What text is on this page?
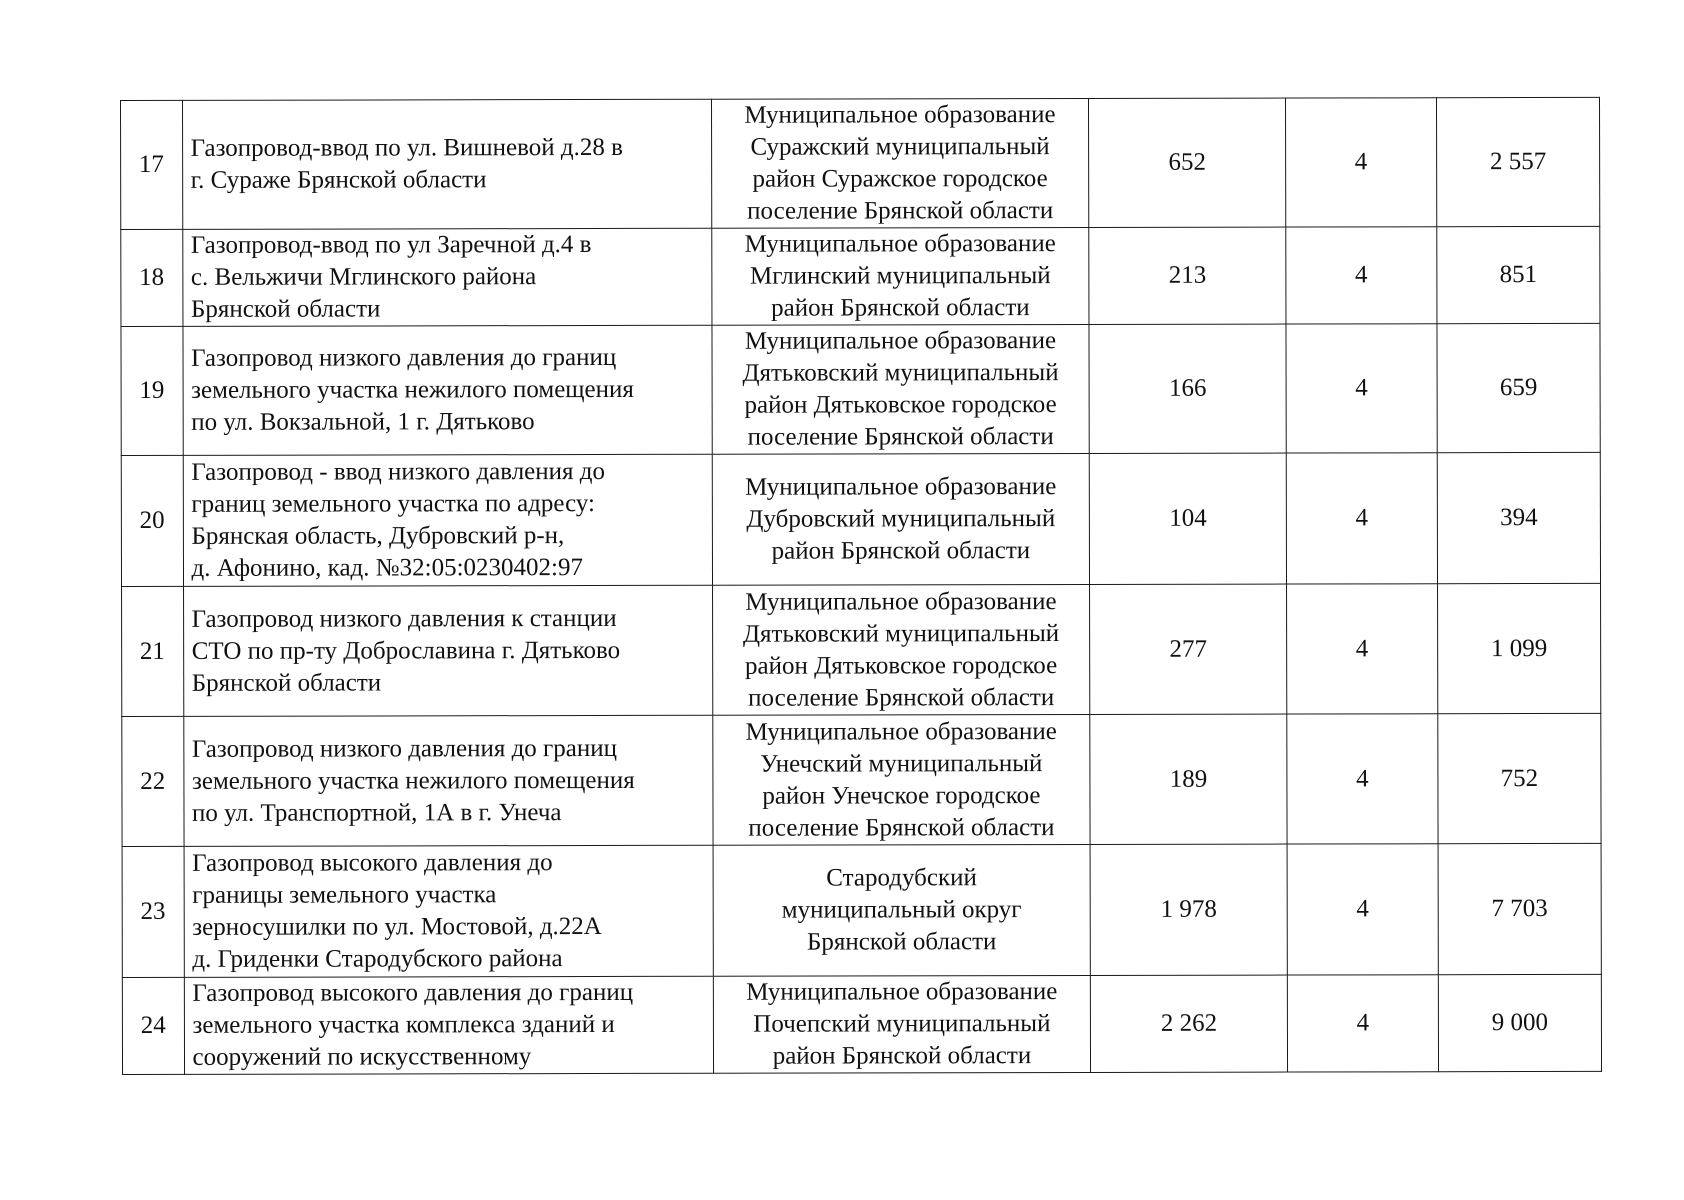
17	Газопровод-ввод по ул. Вишневой д.28 в
г. Сураже Брянской области	Муниципальное образование
Суражский муниципальный
район Суражское городское
поселение Брянской области	652	4	2 557
18	Газопровод-ввод по ул Заречной д.4 в
с. Вельжичи Мглинского района
Брянской области	Муниципальное образование
Мглинский муниципальный
район Брянской области	213	4	851
19	Газопровод низкого давления до границ
земельного участка нежилого помещения
по ул. Вокзальной, 1 г. Дятьково	Муниципальное образование
Дятьковский муниципальный
район Дятьковское городское
поселение Брянской области	166	4	659
20	Газопровод - ввод низкого давления до
границ земельного участка по адресу:
Брянская область, Дубровский р-н,
д. Афонино, кад. №32:05:0230402:97	Муниципальное образование
Дубровский муниципальный
район Брянской области	104	4	394
21	Газопровод низкого давления к станции
СТО по пр-ту Доброславина г. Дятьково
Брянской области	Муниципальное образование
Дятьковский муниципальный
район Дятьковское городское
поселение Брянской области	277	4	1 099
22	Газопровод низкого давления до границ
земельного участка нежилого помещения
по ул. Транспортной, 1А в г. Унеча	Муниципальное образование
Унечский муниципальный
район Унечское городское
поселение Брянской области	189	4	752
23	Газопровод высокого давления до
границы земельного участка
зерносушилки по ул. Мостовой, д.22А
д. Гриденки Стародубского района	Стародубский
муниципальный округ
Брянской области	1 978	4	7 703
24	Газопровод высокого давления до границ
земельного участка комплекса зданий и
сооружений по искусственному	Муниципальное образование
Почепский муниципальный
район Брянской области	2 262	4	9 000
